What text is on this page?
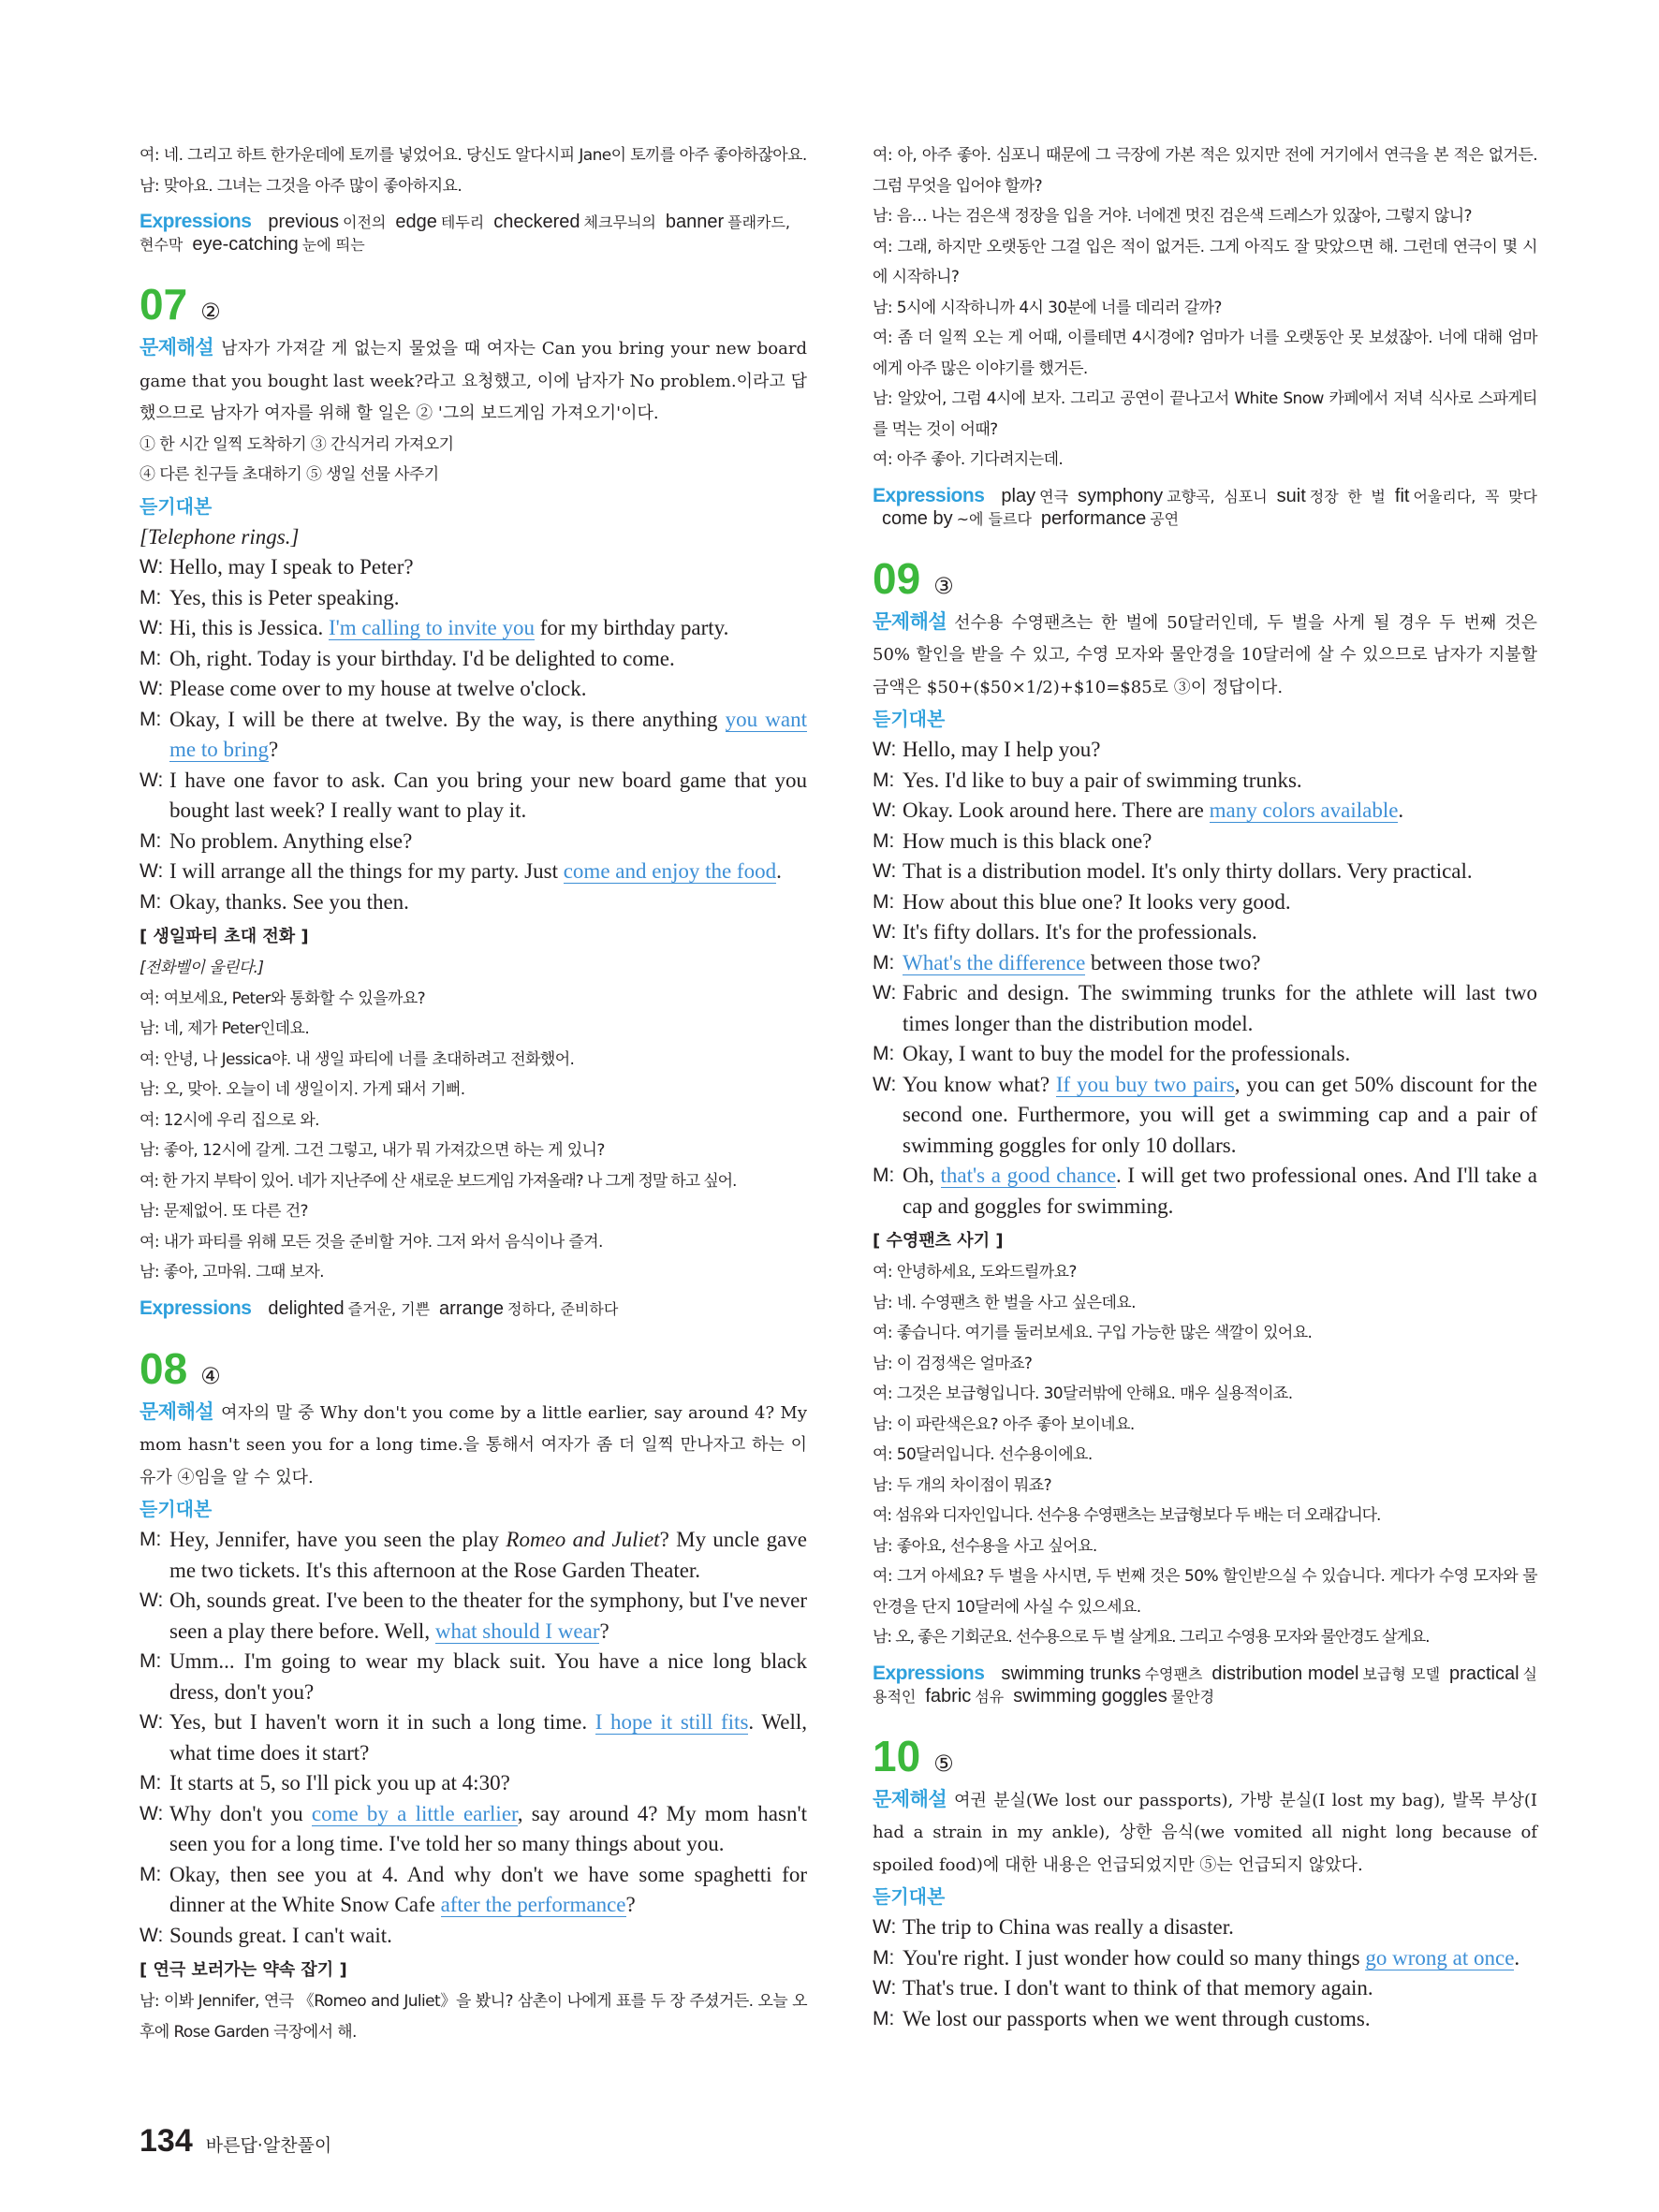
여: 네. 그리고 하트 한가운데에 토끼를 넣었어요. 당신도 알다시피 Jane이 토끼를 아주 좋아하잖아요.

남: 맞아요. 그녀는 그것을 아주 많이 좋아하지요.

Expressions previous 이전의 edge 테두리 checkered 체크무늬의 banner 플래카드, 현수막 eye-catching 눈에 띄는

07 ②

문제해설 남자가 가져갈 게 없는지 물었을 때 여자는 Can you bring your new board game that you bought last week?라고 요청했고, 이에 남자가 No problem.이라고 답했으므로 남자가 여자를 위해 할 일은 ② '그의 보드게임 가져오기'이다.

① 한 시간 일찍 도착하기 ③ 간식거리 가져오기

④ 다른 친구들 초대하기 ⑤ 생일 선물 사주기

듣기대본

[Telephone rings.]

W: Hello, may I speak to Peter?

M: Yes, this is Peter speaking.

W: Hi, this is Jessica. I'm calling to invite you for my birthday party.

M: Oh, right. Today is your birthday. I'd be delighted to come.

W: Please come over to my house at twelve o'clock.

M: Okay, I will be there at twelve. By the way, is there anything you want me to bring?

W: I have one favor to ask. Can you bring your new board game that you bought last week? I really want to play it.

M: No problem. Anything else?

W: I will arrange all the things for my party. Just come and enjoy the food.

M: Okay, thanks. See you then.

[ 생일파티 초대 전화 ]

[전화벨이 울린다.]

여: 여보세요, Peter와 통화할 수 있을까요?

남: 네, 제가 Peter인데요.

여: 안녕, 나 Jessica야. 내 생일 파티에 너를 초대하려고 전화했어.

남: 오, 맞아. 오늘이 네 생일이지. 가게 돼서 기뻐.

여: 12시에 우리 집으로 와.

남: 좋아, 12시에 갈게. 그건 그렇고, 내가 뭐 가져갔으면 하는 게 있니?

여: 한 가지 부탁이 있어. 네가 지난주에 산 새로운 보드게임 가져올래? 나 그게 정말 하고 싶어.

남: 문제없어. 또 다른 건?

여: 내가 파티를 위해 모든 것을 준비할 거야. 그저 와서 음식이나 즐겨.

남: 좋아, 고마워. 그때 보자.

Expressions delighted 즐거운, 기쁜 arrange 정하다, 준비하다

08 ④

문제해설 여자의 말 중 Why don't you come by a little earlier, say around 4? My mom hasn't seen you for a long time.을 통해서 여자가 좀 더 일찍 만나자고 하는 이유가 ④임을 알 수 있다.

듣기대본

M: Hey, Jennifer, have you seen the play Romeo and Juliet? My uncle gave me two tickets. It's this afternoon at the Rose Garden Theater.

W: Oh, sounds great. I've been to the theater for the symphony, but I've never seen a play there before. Well, what should I wear?

M: Umm... I'm going to wear my black suit. You have a nice long black dress, don't you?

W: Yes, but I haven't worn it in such a long time. I hope it still fits. Well, what time does it start?

M: It starts at 5, so I'll pick you up at 4:30?

W: Why don't you come by a little earlier, say around 4? My mom hasn't seen you for a long time. I've told her so many things about you.

M: Okay, then see you at 4. And why don't we have some spaghetti for dinner at the White Snow Cafe after the performance?

W: Sounds great. I can't wait.

[ 연극 보러가는 약속 잡기 ]

남: 이봐 Jennifer, 연극 《Romeo and Juliet》을 봤니? 삼촌이 나에게 표를 두 장 주셨거든. 오늘 오후에 Rose Garden 극장에서 해.

여: 아, 아주 좋아. 심포니 때문에 그 극장에 가본 적은 있지만 전에 거기에서 연극을 본 적은 없거든. 그럼 무엇을 입어야 할까?

남: 음… 나는 검은색 정장을 입을 거야. 너에겐 멋진 검은색 드레스가 있잖아, 그렇지 않니?

여: 그래, 하지만 오랫동안 그걸 입은 적이 없거든. 그게 아직도 잘 맞았으면 해. 그런데 연극이 몇 시에 시작하니?

남: 5시에 시작하니까 4시 30분에 너를 데리러 갈까?

여: 좀 더 일찍 오는 게 어때, 이를테면 4시경에? 엄마가 너를 오랫동안 못 보셨잖아. 너에 대해 엄마에게 아주 많은 이야기를 했거든.

남: 알았어, 그럼 4시에 보자. 그리고 공연이 끝나고서 White Snow 카페에서 저녁 식사로 스파게티를 먹는 것이 어때?

여: 아주 좋아. 기다려지는데.

Expressions play 연극 symphony 교향곡, 심포니 suit 정장 한 벌 fit 어울리다, 꼭 맞다come by ~에 들르다 performance 공연

09 ③

문제해설 선수용 수영팬츠는 한 벌에 50달러인데, 두 벌을 사게 될 경우 두 번째 것은 50% 할인을 받을 수 있고, 수영 모자와 물안경을 10달러에 살 수 있으므로 남자가 지불할 금액은 $50+($50×1/2)+$10=$85로 ③이 정답이다.

듣기대본

W: Hello, may I help you?

M: Yes. I'd like to buy a pair of swimming trunks.

W: Okay. Look around here. There are many colors available.

M: How much is this black one?

W: That is a distribution model. It's only thirty dollars. Very practical.

M: How about this blue one? It looks very good.

W: It's fifty dollars. It's for the professionals.

M: What's the difference between those two?

W: Fabric and design. The swimming trunks for the athlete will last two times longer than the distribution model.

M: Okay, I want to buy the model for the professionals.

W: You know what? If you buy two pairs, you can get 50% discount for the second one. Furthermore, you will get a swimming cap and a pair of swimming goggles for only 10 dollars.

M: Oh, that's a good chance. I will get two professional ones. And I'll take a cap and goggles for swimming.

[ 수영팬츠 사기 ]

여: 안녕하세요, 도와드릴까요?

남: 네. 수영팬츠 한 벌을 사고 싶은데요.

여: 좋습니다. 여기를 둘러보세요. 구입 가능한 많은 색깔이 있어요.

남: 이 검정색은 얼마죠?

여: 그것은 보급형입니다. 30달러밖에 안해요. 매우 실용적이죠.

남: 이 파란색은요? 아주 좋아 보이네요.

여: 50달러입니다. 선수용이에요.

남: 두 개의 차이점이 뭐죠?

여: 섬유와 디자인입니다. 선수용 수영팬츠는 보급형보다 두 배는 더 오래갑니다.

남: 좋아요, 선수용을 사고 싶어요.

여: 그거 아세요? 두 벌을 사시면, 두 번째 것은 50% 할인받으실 수 있습니다. 게다가 수영 모자와 물안경을 단지 10달러에 사실 수 있으세요.

남: 오, 좋은 기회군요. 선수용으로 두 벌 살게요. 그리고 수영용 모자와 물안경도 살게요.

Expressions swimming trunks 수영팬츠 distribution model 보급형 모델 practical 실용적인 fabric 섬유 swimming goggles 물안경

10 ⑤

문제해설 여권 분실(We lost our passports), 가방 분실(I lost my bag), 발목 부상(I had a strain in my ankle), 상한 음식(we vomited all night long because of spoiled food)에 대한 내용은 언급되었지만 ⑤는 언급되지 않았다.

듣기대본

W: The trip to China was really a disaster.

M: You're right. I just wonder how could so many things go wrong at once.

W: That's true. I don't want to think of that memory again.

M: We lost our passports when we went through customs.

134 바른답·알찬풀이
